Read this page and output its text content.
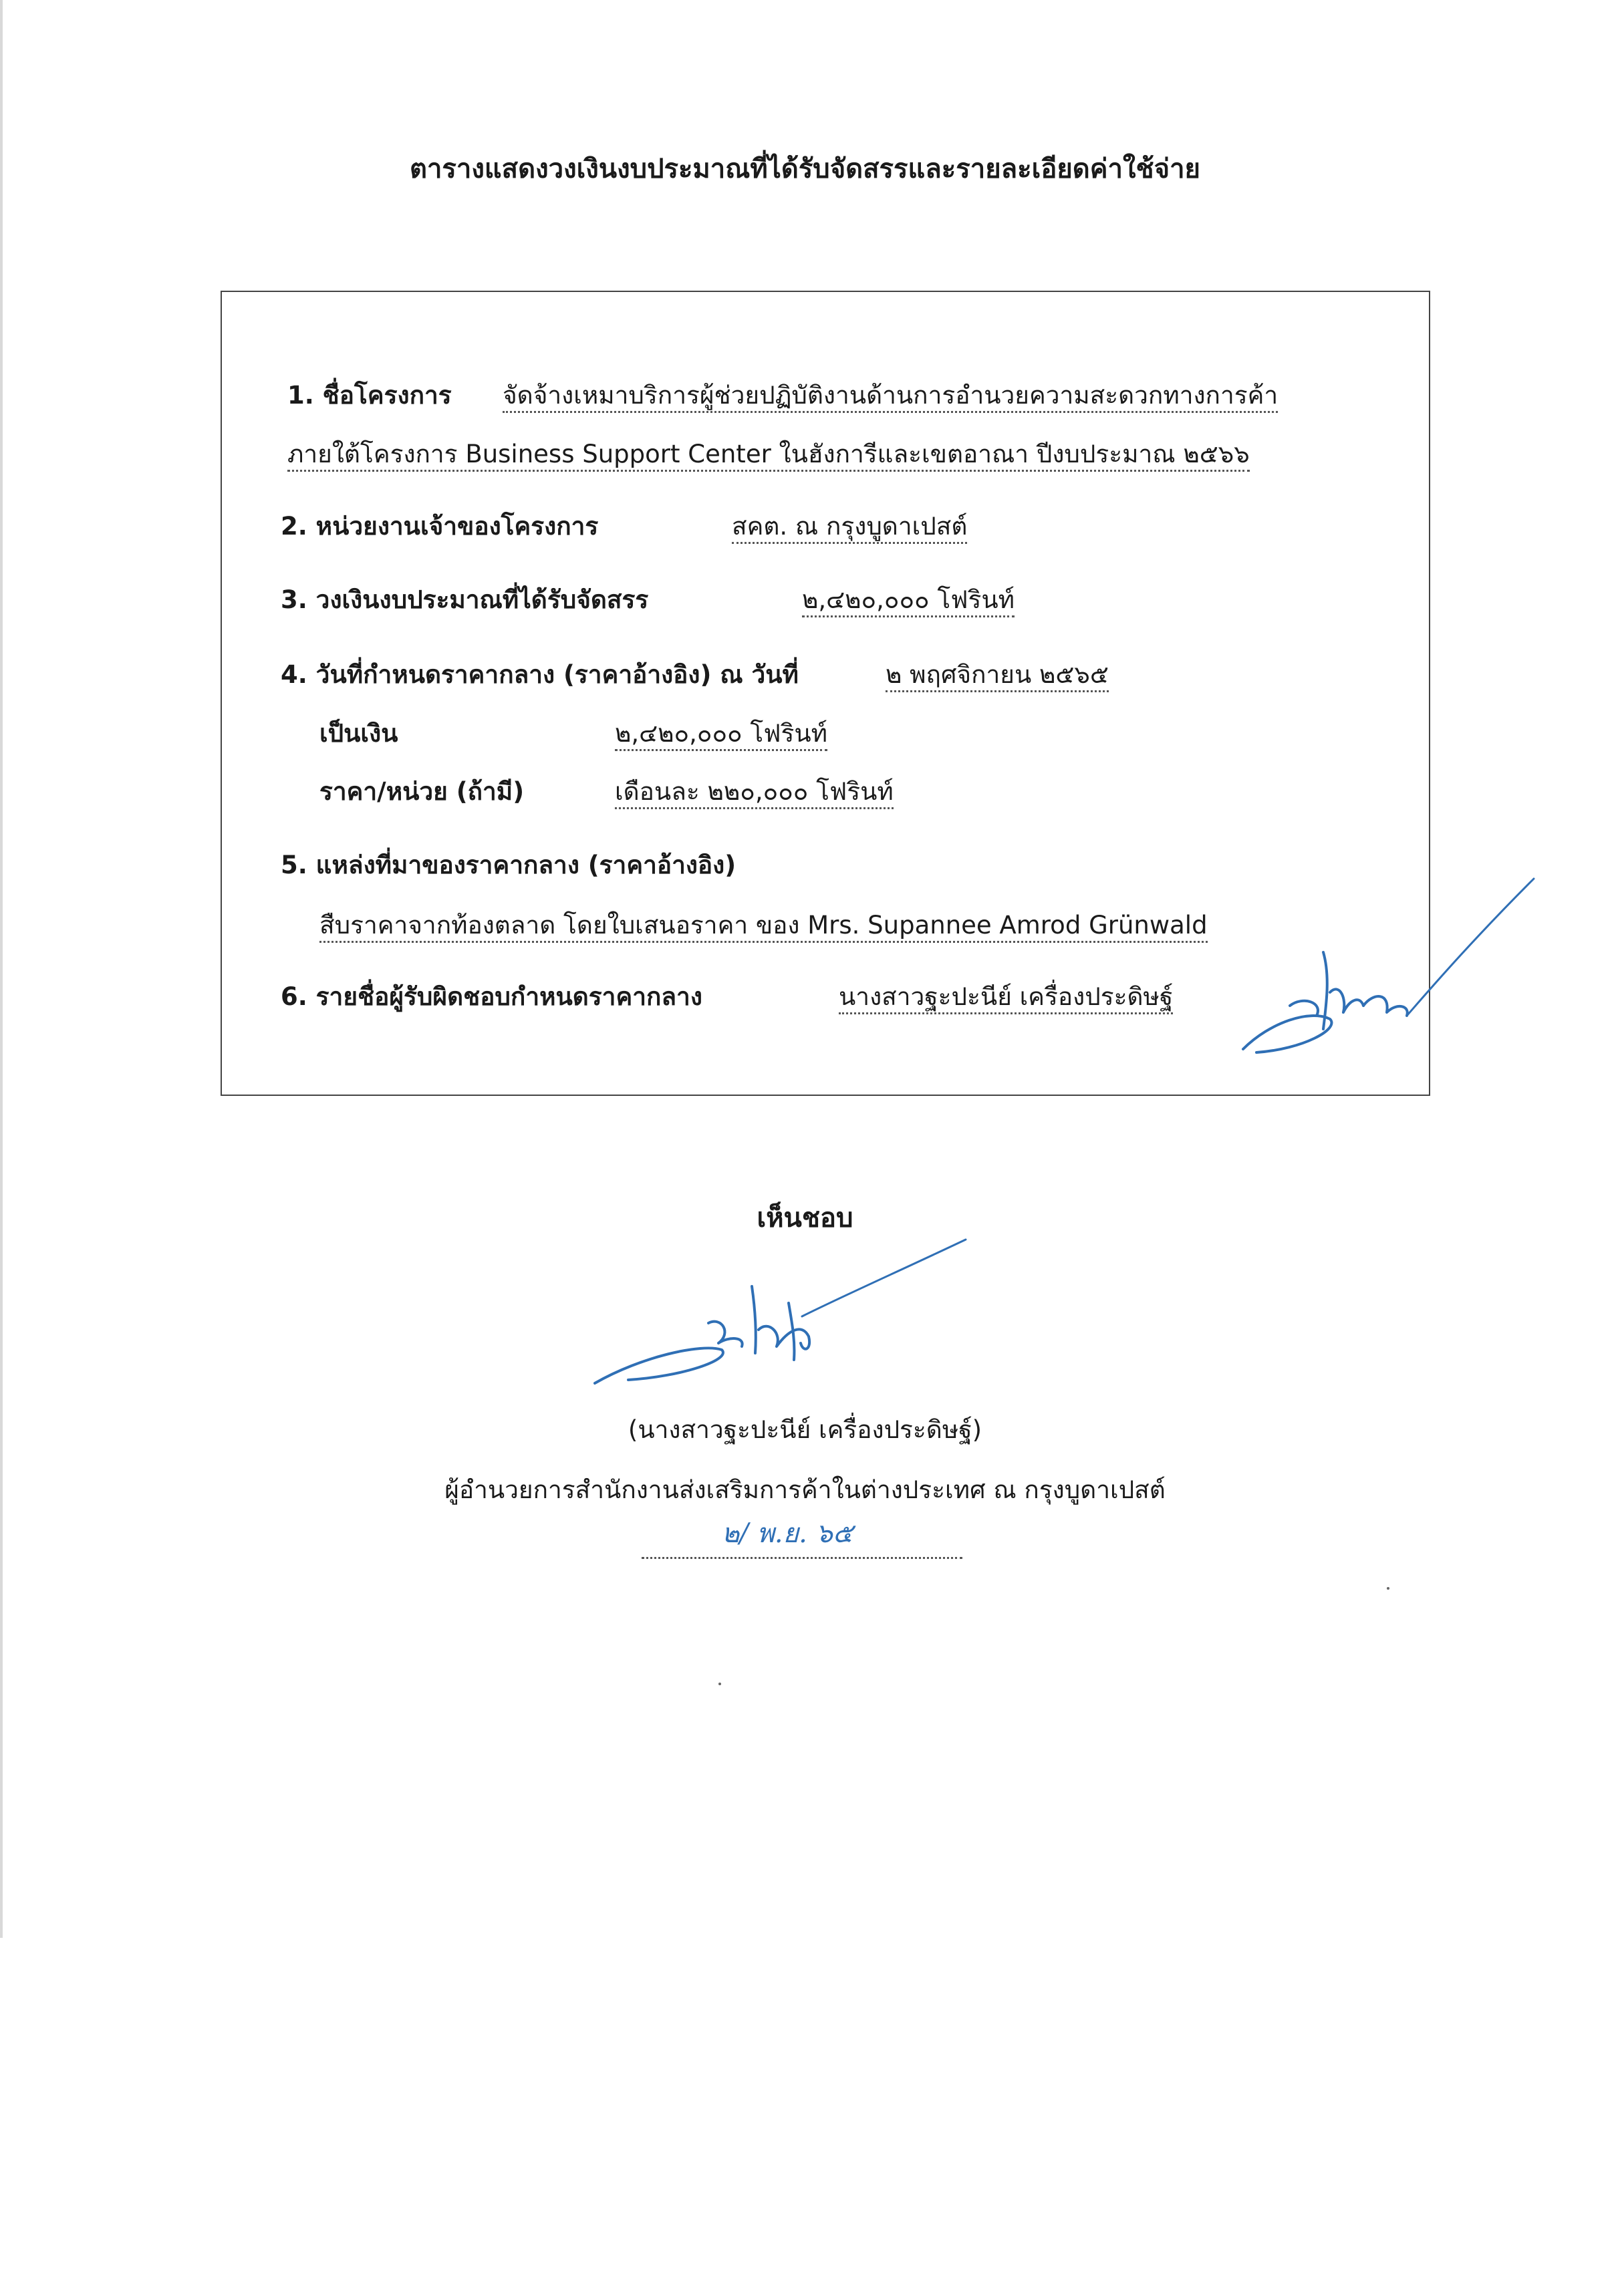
ตารางแสดงวงเงินงบประมาณที่ได้รับจัดสรรและรายละเอียดค่าใช้จ่าย
1. ชื่อโครงการ จัดจ้างเหมาบริการผู้ช่วยปฏิบัติงานด้านการอำนวยความสะดวกทางการค้า
ภายใต้โครงการ Business Support Center ในฮังการีและเขตอาณา ปีงบประมาณ ๒๕๖๖
2. หน่วยงานเจ้าของโครงการ	สคต. ณ กรุงบูดาเปสต์
3. วงเงินงบประมาณที่ได้รับจัดสรร	๒,๔๒๐,๐๐๐ โฟรินท์
4. วันที่กำหนดราคากลาง (ราคาอ้างอิง) ณ วันที่	๒ พฤศจิกายน ๒๕๖๕
เป็นเงิน	๒,๔๒๐,๐๐๐ โฟรินท์
ราคา/หน่วย (ถ้ามี)	เดือนละ ๒๒๐,๐๐๐ โฟรินท์
5. แหล่งที่มาของราคากลาง (ราคาอ้างอิง)
สืบราคาจากท้องตลาด โดยใบเสนอราคา ของ Mrs. Supannee Amrod Grünwald
6. รายชื่อผู้รับผิดชอบกำหนดราคากลาง	นางสาวฐะปะนีย์ เครื่องประดิษฐ์
เห็นชอบ
(นางสาวฐะปะนีย์ เครื่องประดิษฐ์)
ผู้อำนวยการสำนักงานส่งเสริมการค้าในต่างประเทศ ณ กรุงบูดาเปสต์
๒/ พ.ย. ๖๕
